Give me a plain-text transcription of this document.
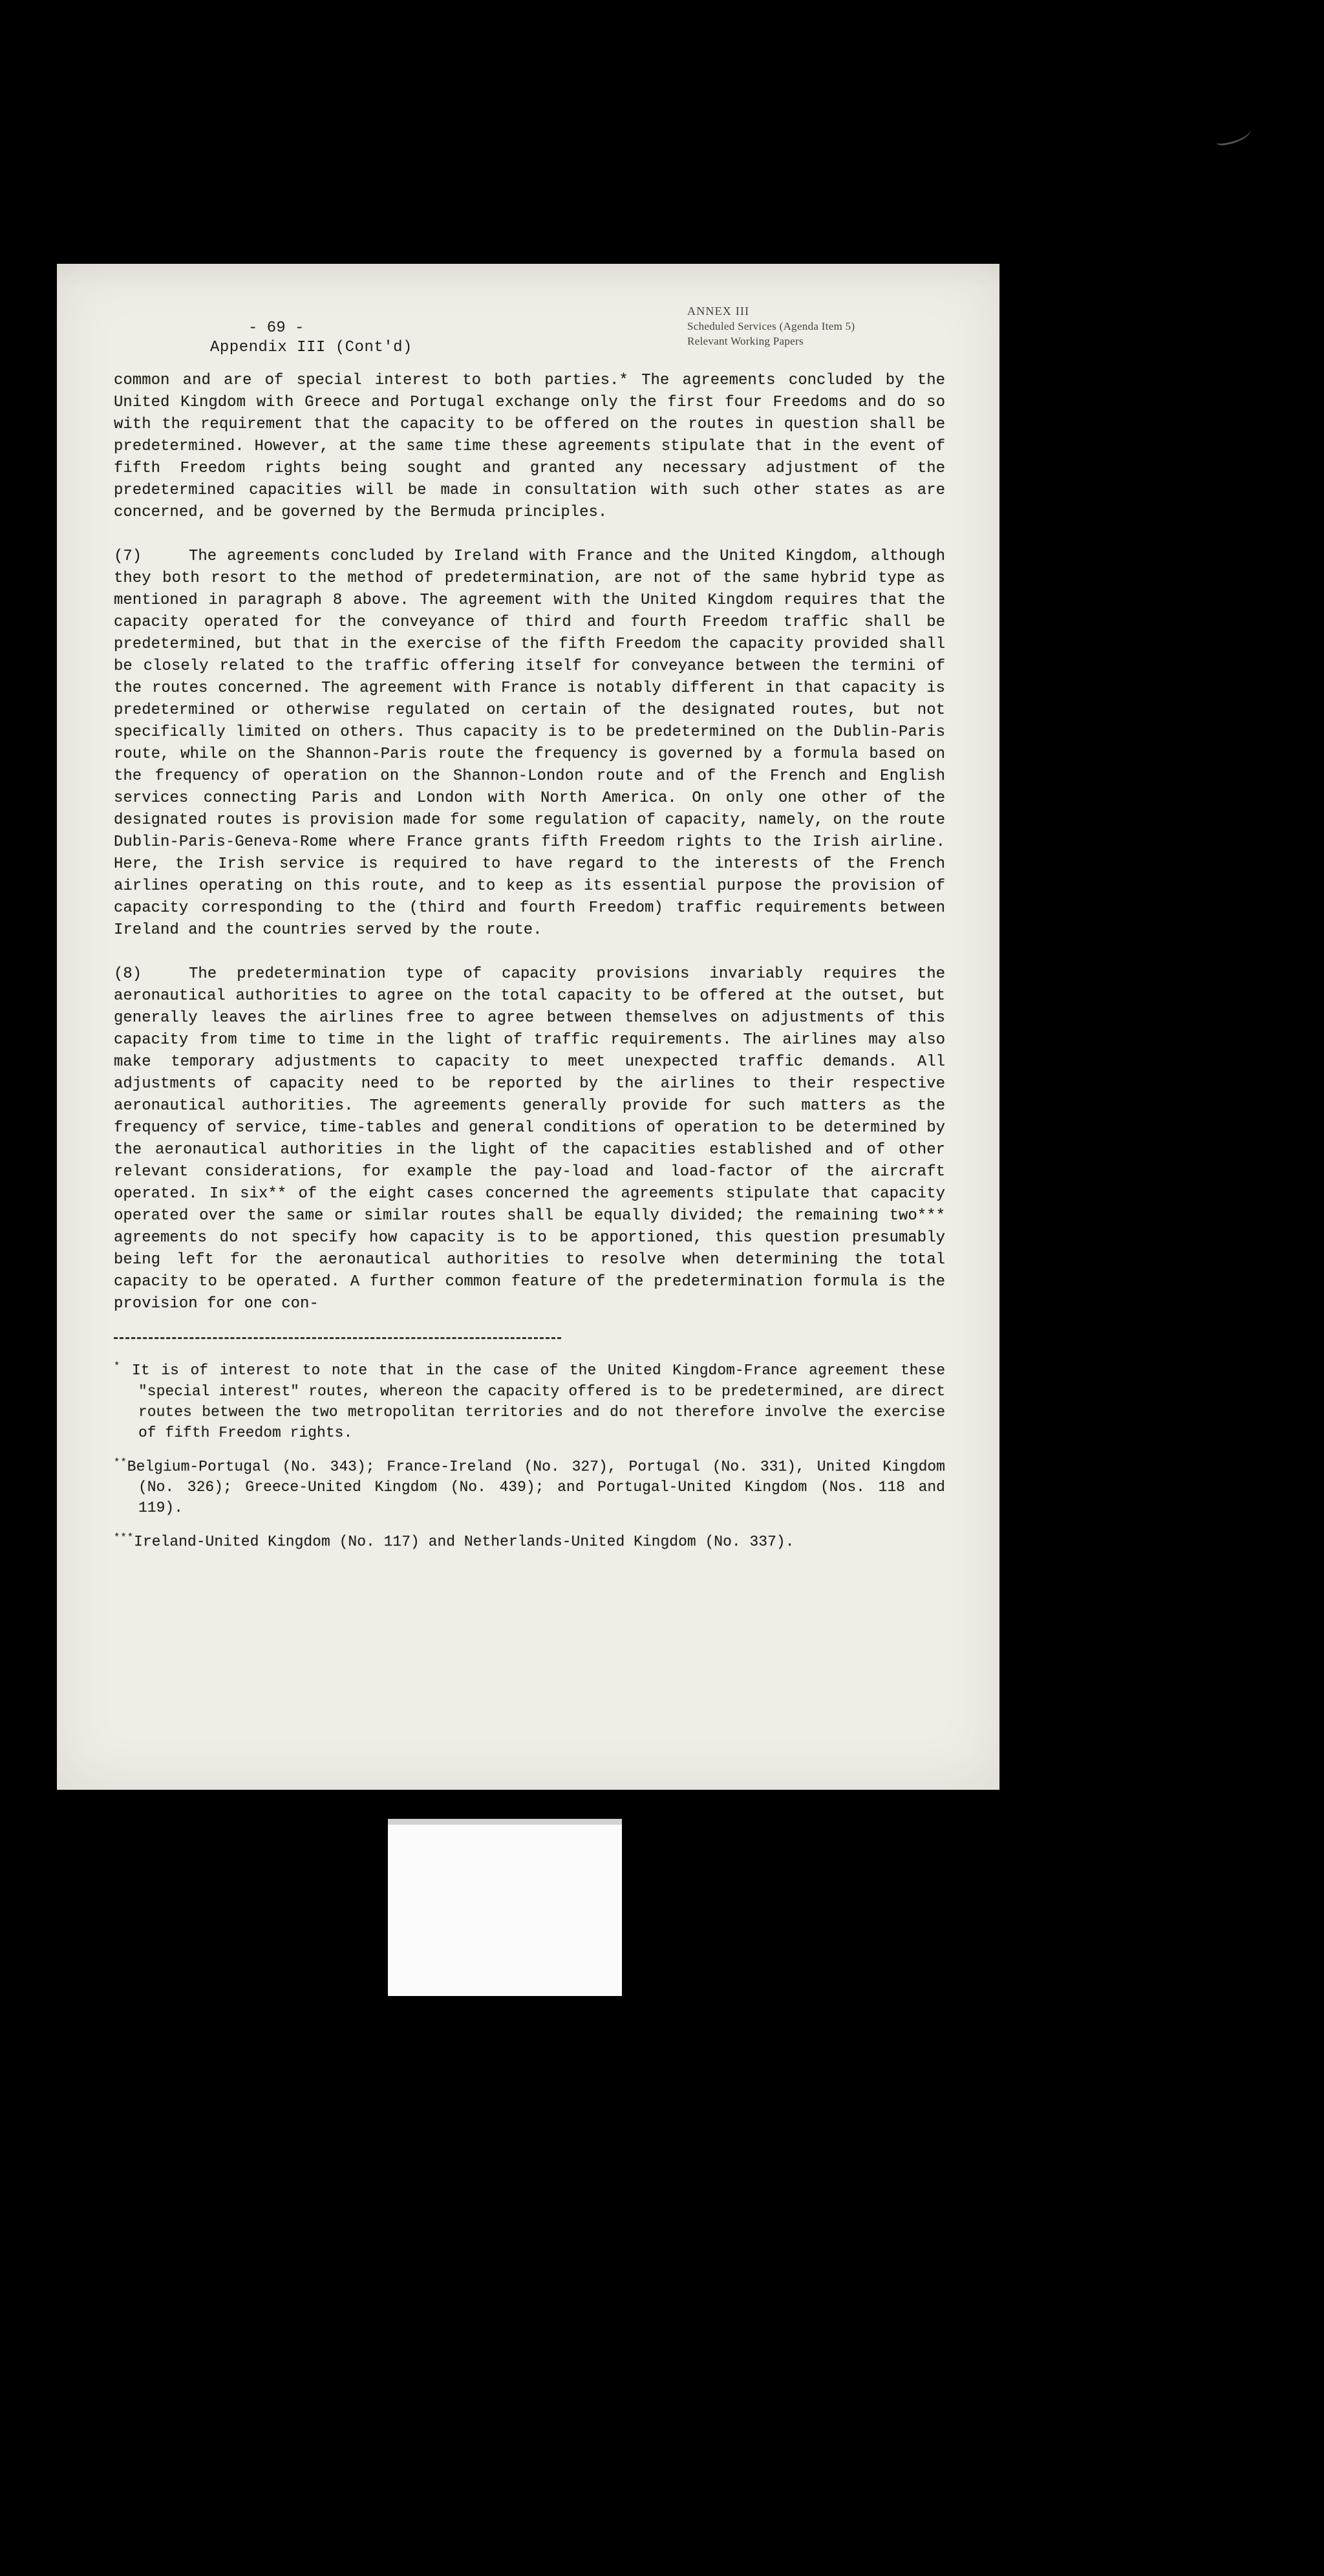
ANNEX III
Scheduled Services (Agenda Item 5)
Relevant Working Papers
- 69 -
Appendix III (Cont'd)

common and are of special interest to both parties.* The agreements concluded by the United Kingdom with Greece and Portugal exchange only the first four Freedoms and do so with the requirement that the capacity to be offered on the routes in question shall be predetermined. However, at the same time these agreements stipulate that in the event of fifth Freedom rights being sought and granted any necessary adjustment of the predetermined capacities will be made in consultation with such other states as are concerned, and be governed by the Bermuda principles.

(7)	The agreements concluded by Ireland with France and the United Kingdom, although they both resort to the method of predetermination, are not of the same hybrid type as mentioned in paragraph 8 above. The agreement with the United Kingdom requires that the capacity operated for the conveyance of third and fourth Freedom traffic shall be predetermined, but that in the exercise of the fifth Freedom the capacity provided shall be closely related to the traffic offering itself for conveyance between the termini of the routes concerned. The agreement with France is notably different in that capacity is predetermined or otherwise regulated on certain of the designated routes, but not specifically limited on others. Thus capacity is to be predetermined on the Dublin-Paris route, while on the Shannon-Paris route the frequency is governed by a formula based on the frequency of operation on the Shannon-London route and of the French and English services connecting Paris and London with North America. On only one other of the designated routes is provision made for some regulation of capacity, namely, on the route Dublin-Paris-Geneva-Rome where France grants fifth Freedom rights to the Irish airline. Here, the Irish service is required to have regard to the interests of the French airlines operating on this route, and to keep as its essential purpose the provision of capacity corresponding to the (third and fourth Freedom) traffic requirements between Ireland and the countries served by the route.

(8)	The predetermination type of capacity provisions invariably requires the aeronautical authorities to agree on the total capacity to be offered at the outset, but generally leaves the airlines free to agree between themselves on adjustments of this capacity from time to time in the light of traffic requirements. The airlines may also make temporary adjustments to capacity to meet unexpected traffic demands. All adjustments of capacity need to be reported by the airlines to their respective aeronautical authorities. The agreements generally provide for such matters as the frequency of service, time-tables and general conditions of operation to be determined by the aeronautical authorities in the light of the capacities established and of other relevant considerations, for example the pay-load and load-factor of the aircraft operated. In six** of the eight cases concerned the agreements stipulate that capacity operated over the same or similar routes shall be equally divided; the remaining two*** agreements do not specify how capacity is to be apportioned, this question presumably being left for the aeronautical authorities to resolve when determining the total capacity to be operated. A further common feature of the predetermination formula is the provision for one con-

* It is of interest to note that in the case of the United Kingdom-France agreement these "special interest" routes, whereon the capacity offered is to be predetermined, are direct routes between the two metropolitan territories and do not therefore involve the exercise of fifth Freedom rights.
**Belgium-Portugal (No. 343); France-Ireland (No. 327), Portugal (No. 331), United Kingdom (No. 326); Greece-United Kingdom (No. 439); and Portugal-United Kingdom (Nos. 118 and 119).
***Ireland-United Kingdom (No. 117) and Netherlands-United Kingdom (No. 337).
